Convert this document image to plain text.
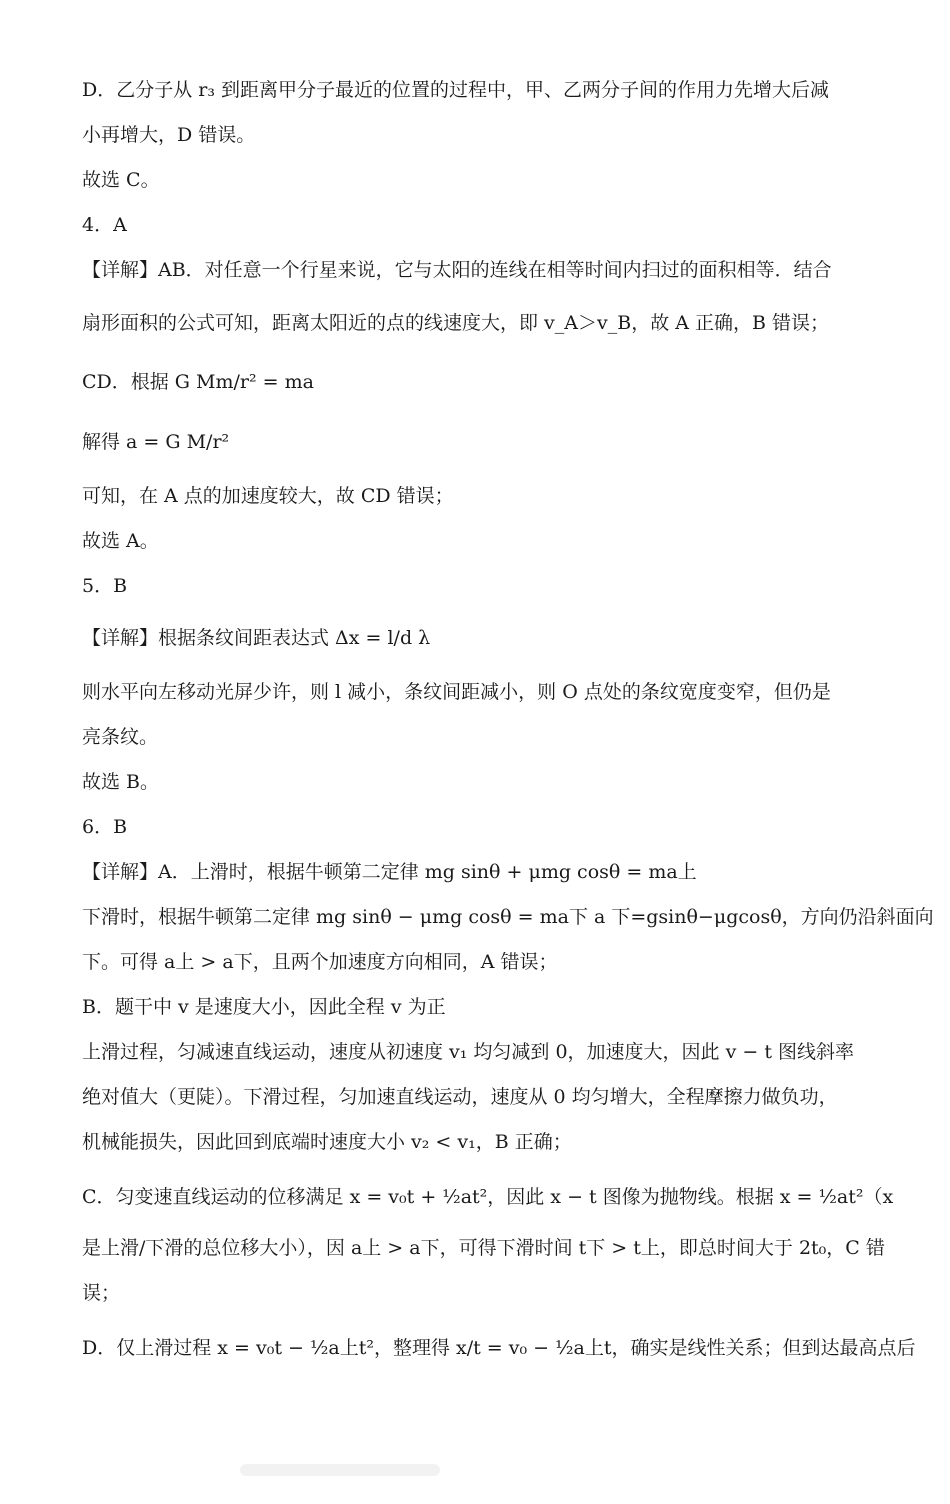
D．乙分子从 r₃ 到距离甲分子最近的位置的过程中，甲、乙两分子间的作用力先增大后减
小再增大，D 错误。
故选 C。
4．A
【详解】AB．对任意一个行星来说，它与太阳的连线在相等时间内扫过的面积相等．结合
扇形面积的公式可知，距离太阳近的点的线速度大，即 v_A＞v_B，故 A 正确，B 错误；
CD．根据 G Mm/r² = ma
解得 a = G M/r²
可知，在 A 点的加速度较大，故 CD 错误；
故选 A。
5．B
【详解】根据条纹间距表达式 Δx = l/d λ
则水平向左移动光屏少许，则 l 减小，条纹间距减小，则 O 点处的条纹宽度变窄，但仍是
亮条纹。
故选 B。
6．B
【详解】A．上滑时，根据牛顿第二定律 mg sinθ + μmg cosθ = ma上
下滑时，根据牛顿第二定律 mg sinθ − μmg cosθ = ma下 a 下=gsinθ−μgcosθ，方向仍沿斜面向
下。可得 a上 > a下，且两个加速度方向相同，A 错误；
B．题干中 v 是速度大小，因此全程 v 为正
上滑过程，匀减速直线运动，速度从初速度 v₁ 均匀减到 0，加速度大，因此 v − t 图线斜率
绝对值大（更陡）。下滑过程，匀加速直线运动，速度从 0 均匀增大，全程摩擦力做负功，
机械能损失，因此回到底端时速度大小 v₂ < v₁，B 正确；
C．匀变速直线运动的位移满足 x = v₀t + ½at²，因此 x − t 图像为抛物线。根据 x = ½at²（x
是上滑/下滑的总位移大小），因 a上 > a下，可得下滑时间 t下 > t上，即总时间大于 2t₀，C 错
误；
D．仅上滑过程 x = v₀t − ½a上t²，整理得 x/t = v₀ − ½a上t，确实是线性关系；但到达最高点后
